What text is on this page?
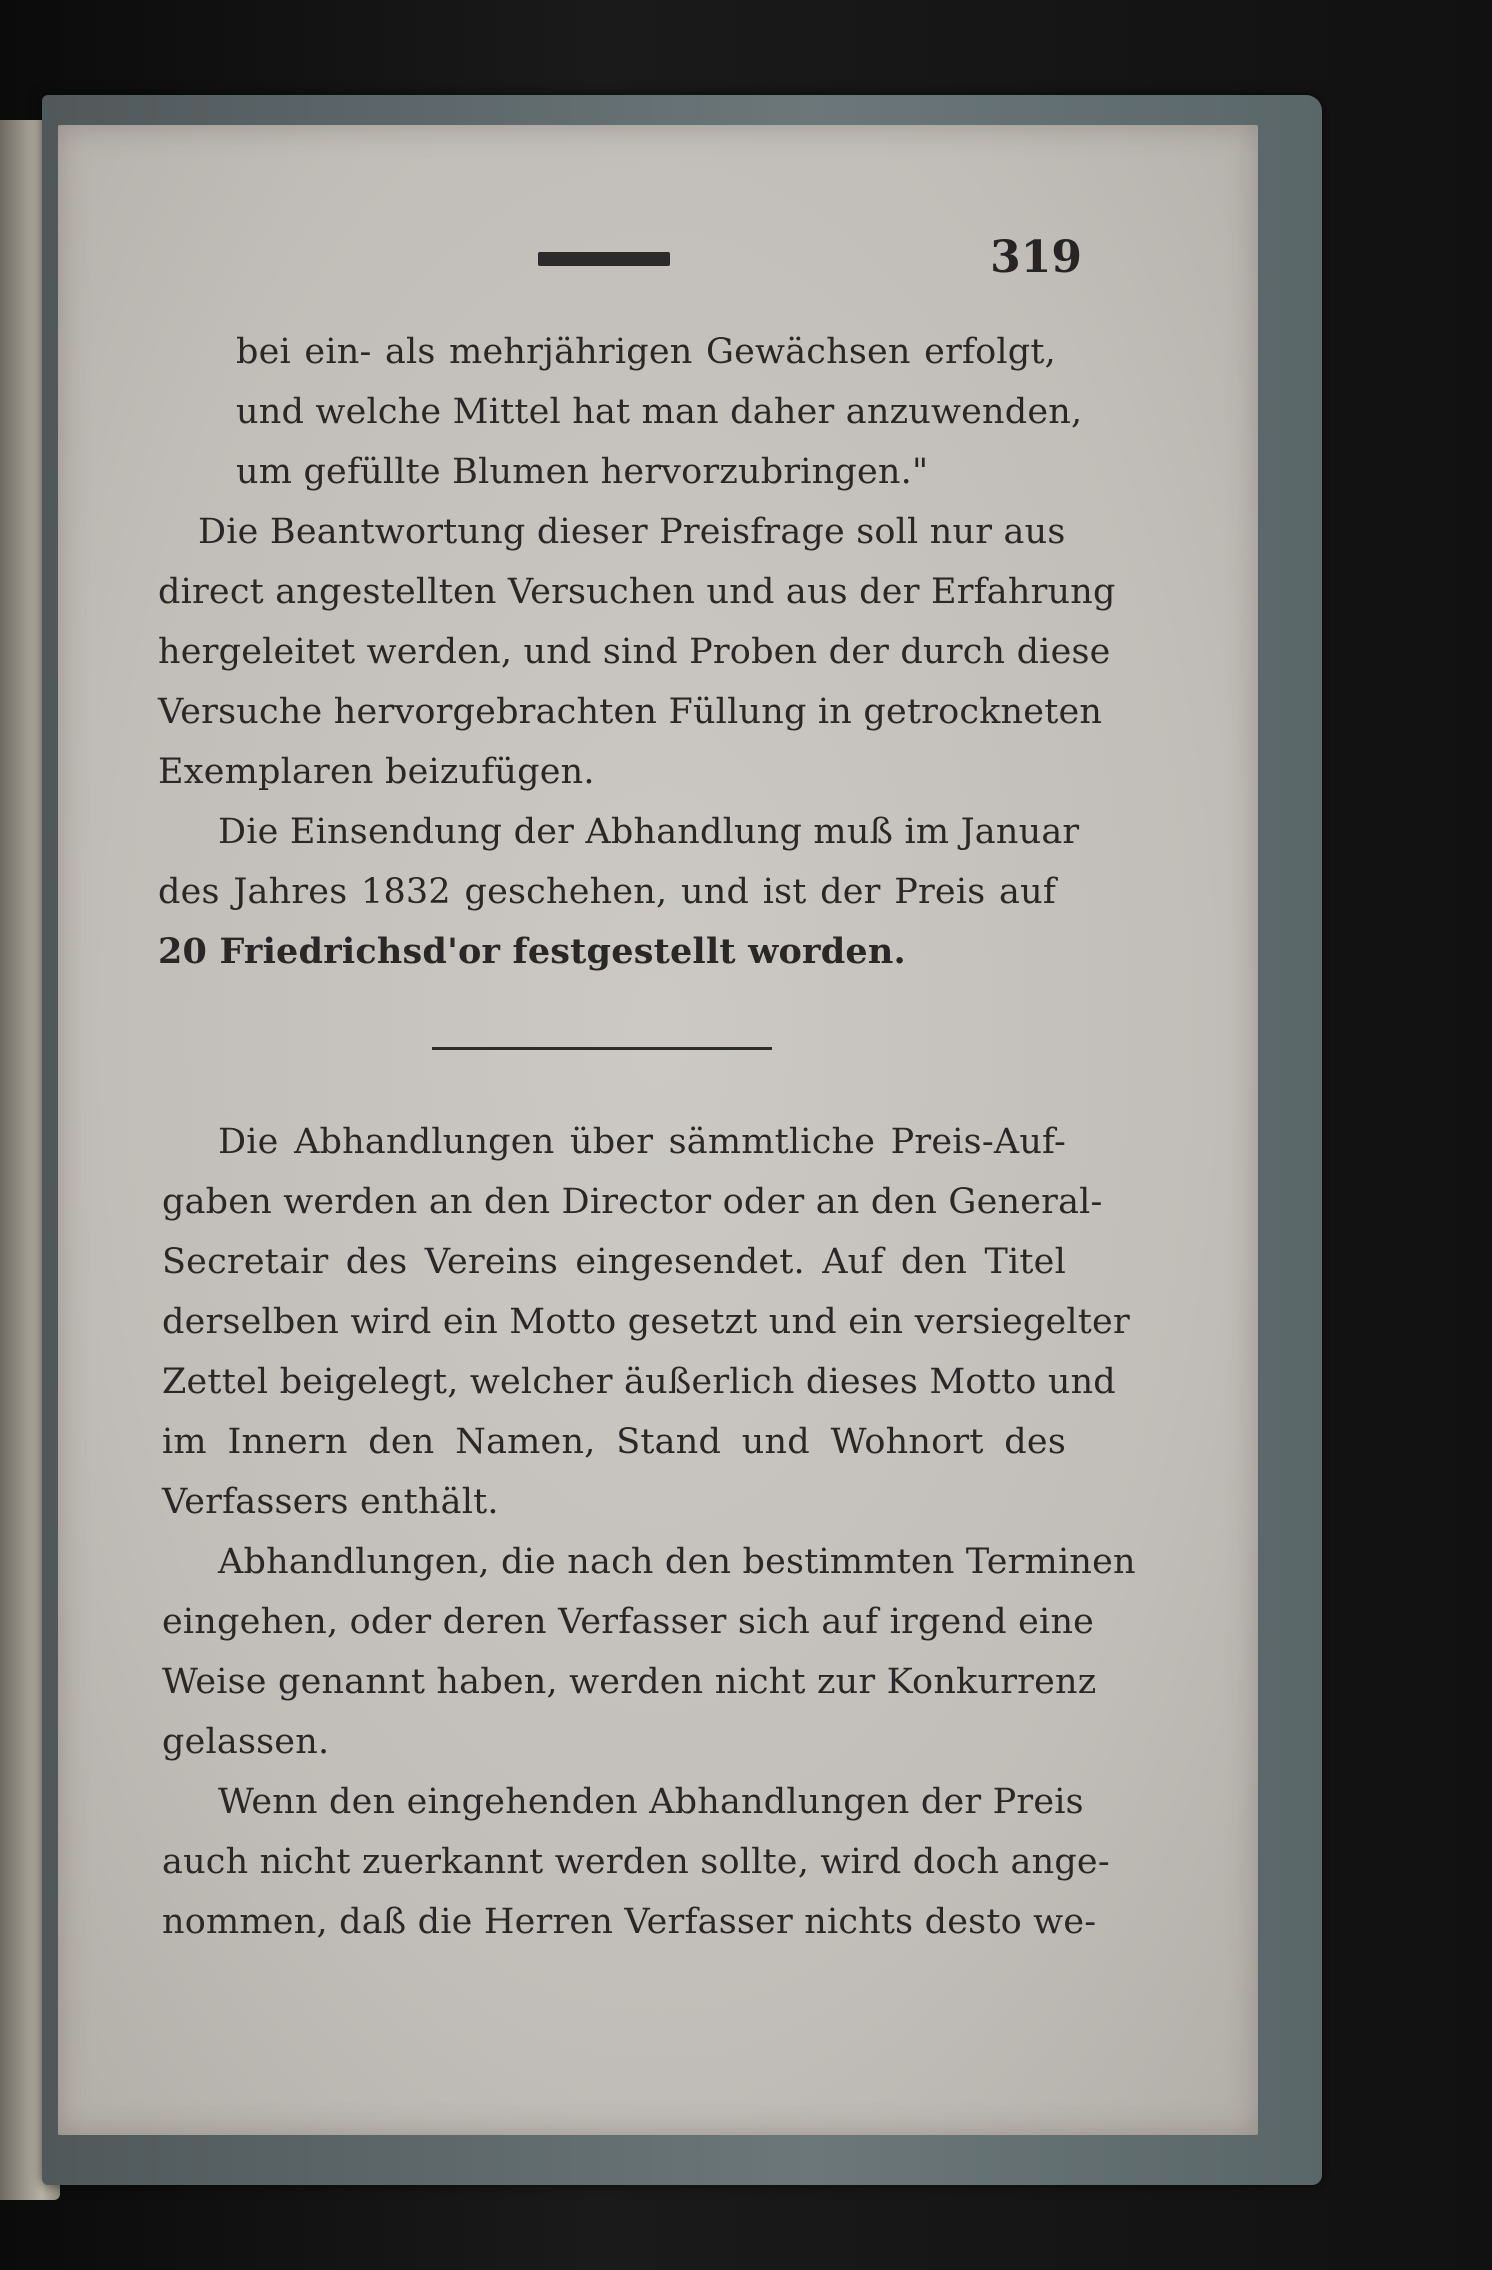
319
bei ein- als mehrjährigen Gewächsen erfolgt,
und welche Mittel hat man daher anzuwenden,
um gefüllte Blumen hervorzubringen."
Die Beantwortung dieser Preisfrage soll nur aus
direct angestellten Versuchen und aus der Erfahrung
hergeleitet werden, und sind Proben der durch diese
Versuche hervorgebrachten Füllung in getrockneten
Exemplaren beizufügen.
Die Einsendung der Abhandlung muß im Januar
des Jahres 1832 geschehen, und ist der Preis auf
20 Friedrichsd'or festgestellt worden.
Die Abhandlungen über sämmtliche Preis-Auf-
gaben werden an den Director oder an den General-
Secretair des Vereins eingesendet. Auf den Titel
derselben wird ein Motto gesetzt und ein versiegelter
Zettel beigelegt, welcher äußerlich dieses Motto und
im Innern den Namen, Stand und Wohnort des
Verfassers enthält.
Abhandlungen, die nach den bestimmten Terminen
eingehen, oder deren Verfasser sich auf irgend eine
Weise genannt haben, werden nicht zur Konkurrenz
gelassen.
Wenn den eingehenden Abhandlungen der Preis
auch nicht zuerkannt werden sollte, wird doch ange-
nommen, daß die Herren Verfasser nichts desto we-
